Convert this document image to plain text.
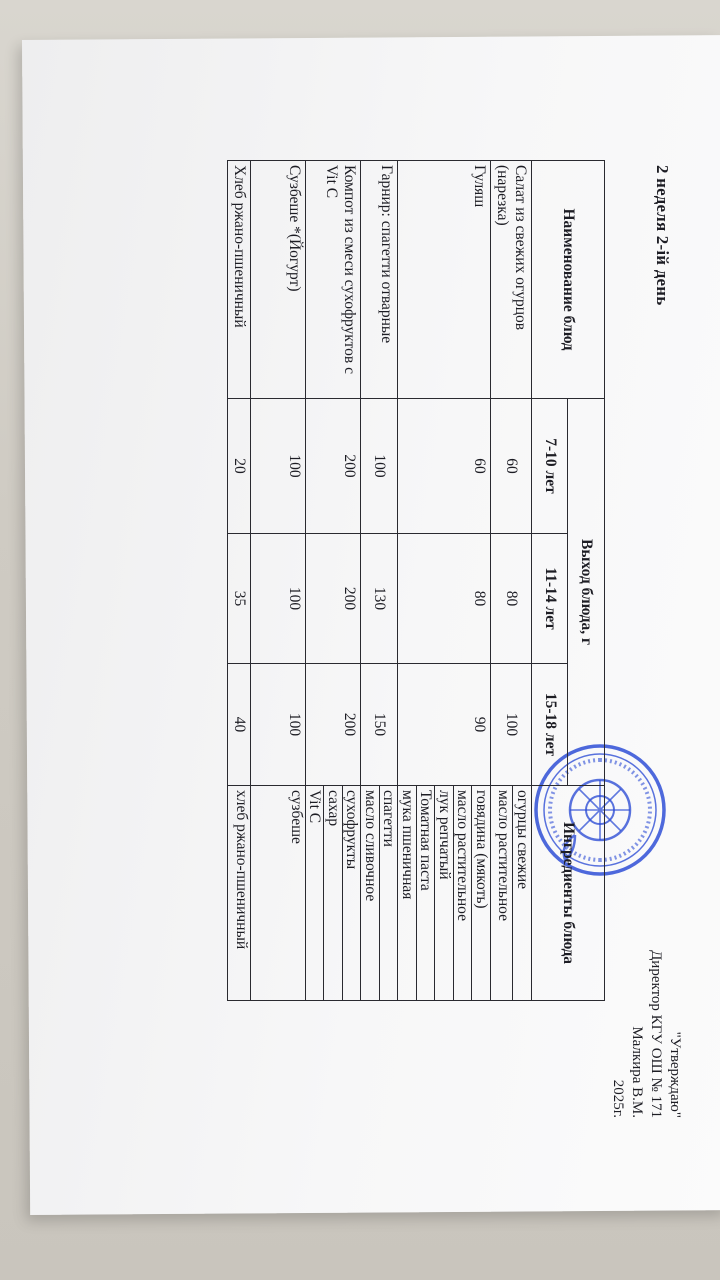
2 неделя 2-ій день
"Утверждаю"
Директор КГУ ОШ № 171
Малкира В.М.
2025г.
Наименование блюд	Выход блюда, г			Ингредиенты блюда
	7-10 лет	11-14 лет	15-18 лет	
Салат из свежих огурцов (нарезка)	60	80	100	огурцы свежие
масло растительное

Гуляш	60	80	90	говядина (мякоть)
масло растительное
лук репчатый
Томатная паста
мука пшеничная

Гарнир: спагетти отварные	100	130	150	спагетти
масло сливочное

Компот из смеси сухофруктов с Vit C	200	200	200	сухофрукты
сахар
Vit C

Сузбеше *(Йогурт)	100	100	100	сузбеше

Хлеб ржано-пшеничный	20	35	40	хлеб ржано-пшеничный
